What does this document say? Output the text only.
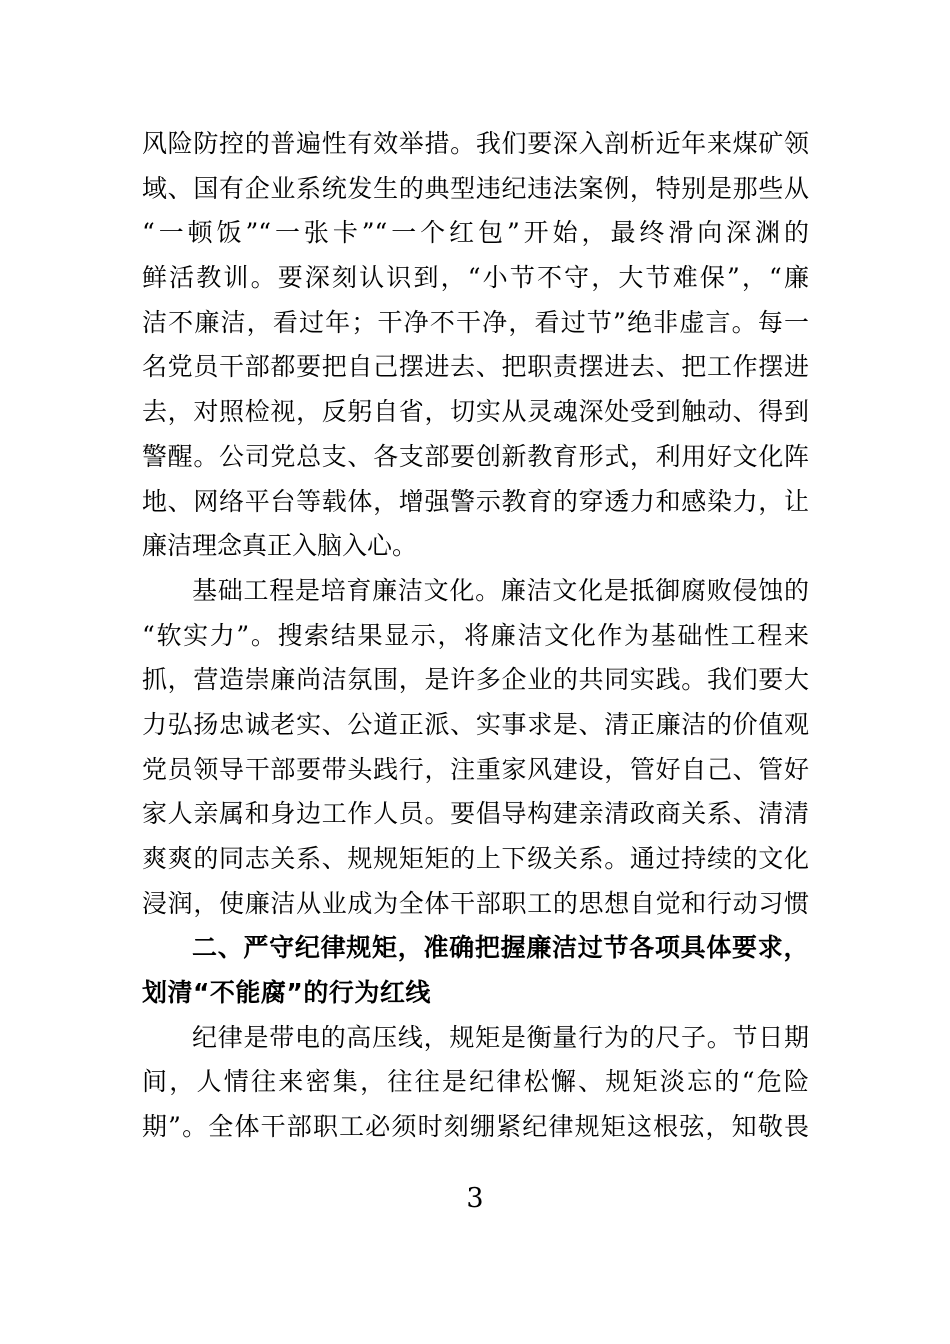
风险防控的普遍性有效举措。我们要深入剖析近年来煤矿领
域、国有企业系统发生的典型违纪违法案例，特别是那些从
“一顿饭”“一张卡”“一个红包”开始，最终滑向深渊的
鲜活教训。要深刻认识到，“小节不守，大节难保”，“廉
洁不廉洁，看过年；干净不干净，看过节”绝非虚言。每一
名党员干部都要把自己摆进去、把职责摆进去、把工作摆进
去，对照检视，反躬自省，切实从灵魂深处受到触动、得到
警醒。公司党总支、各支部要创新教育形式，利用好文化阵
地、网络平台等载体，增强警示教育的穿透力和感染力，让
廉洁理念真正入脑入心。
基础工程是培育廉洁文化。廉洁文化是抵御腐败侵蚀的
“软实力”。搜索结果显示，将廉洁文化作为基础性工程来
抓，营造崇廉尚洁氛围，是许多企业的共同实践。我们要大
力弘扬忠诚老实、公道正派、实事求是、清正廉洁的价值观
党员领导干部要带头践行，注重家风建设，管好自己、管好
家人亲属和身边工作人员。要倡导构建亲清政商关系、清清
爽爽的同志关系、规规矩矩的上下级关系。通过持续的文化
浸润，使廉洁从业成为全体干部职工的思想自觉和行动习惯
二、严守纪律规矩，准确把握廉洁过节各项具体要求，
划清“不能腐”的行为红线
纪律是带电的高压线，规矩是衡量行为的尺子。节日期
间，人情往来密集，往往是纪律松懈、规矩淡忘的“危险
期”。全体干部职工必须时刻绷紧纪律规矩这根弦，知敬畏
3
